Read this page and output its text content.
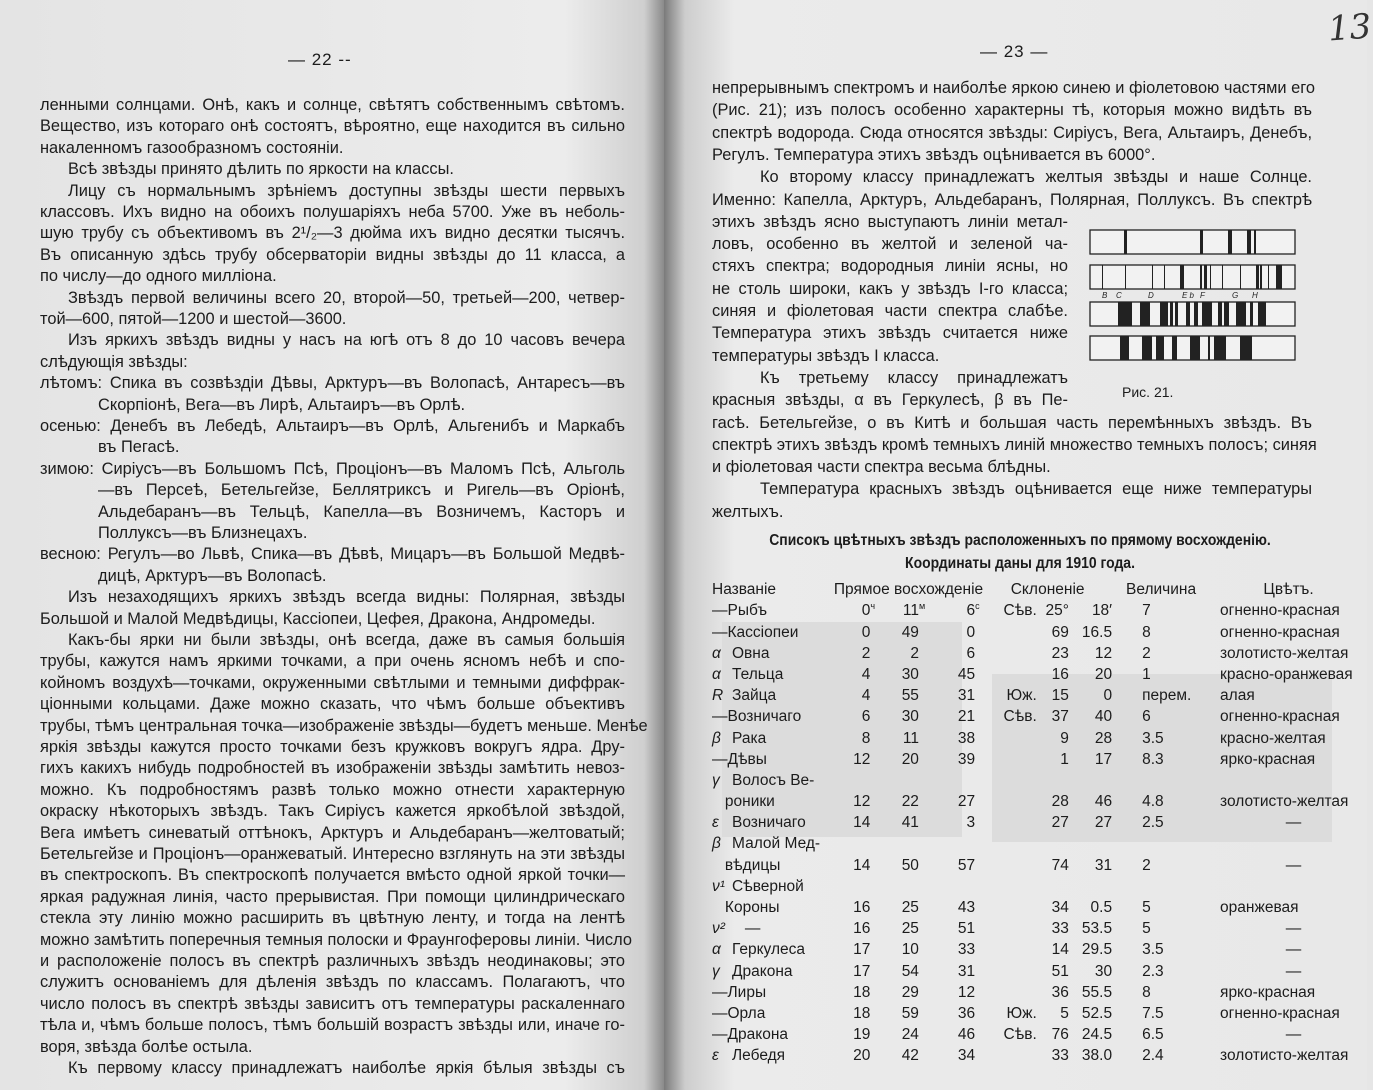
— 22 --
ленными солнцами. Онѣ, какъ и солнце, свѣтятъ собственнымъ свѣтомъ.
Вещество, изъ котораго онѣ состоятъ, вѣроятно, еще находится въ сильно
накаленномъ газообразномъ состоянiи.
Всѣ звѣзды принято дѣлить по яркости на классы.
Лицу съ нормальнымъ зрѣнiемъ доступны звѣзды шести первыхъ
классовъ. Ихъ видно на обоихъ полушарiяхъ неба 5700. Уже въ неболь-
шую трубу съ объективомъ въ 2¹/₂—3 дюйма ихъ видно десятки тысячъ.
Въ описанную здѣсь трубу обсерваторiи видны звѣзды до 11 класса, а
по числу—до одного миллiона.
Звѣздъ первой величины всего 20, второй—50, третьей—200, четвер-
той—600, пятой—1200 и шестой—3600.
Изъ яркихъ звѣздъ видны у насъ на югѣ отъ 8 до 10 часовъ вечера
слѣдующiя звѣзды:
лѣтомъ: Спика въ созвѣздiи Дѣвы, Арктуръ—въ Волопасѣ, Антаресъ—въ
Скорпiонѣ, Вега—въ Лирѣ, Альтаиръ—въ Орлѣ.
осенью: Денебъ въ Лебедѣ, Альтаиръ—въ Орлѣ, Альгенибъ и Маркабъ
въ Пегасѣ.
зимою: Сирiусъ—въ Большомъ Псѣ, Процiонъ—въ Маломъ Псѣ, Альголь
—въ Персеѣ, Бетельгейзе, Беллятриксъ и Ригель—въ Орiонѣ,
Альдебаранъ—въ Тельцѣ, Капелла—въ Возничемъ, Касторъ и
Поллуксъ—въ Близнецахъ.
весною: Регулъ—во Львѣ, Спика—въ Дѣвѣ, Мицаръ—въ Большой Медвѣ-
дицѣ, Арктуръ—въ Волопасѣ.
Изъ незаходящихъ яркихъ звѣздъ всегда видны: Полярная, звѣзды
Большой и Малой Медвѣдицы, Кассiопеи, Цефея, Дракона, Андромеды.
Какъ-бы ярки ни были звѣзды, онѣ всегда, даже въ самыя большiя
трубы, кажутся намъ яркими точками, а при очень ясномъ небѣ и спо-
койномъ воздухѣ—точками, окруженными свѣтлыми и темными диффрак-
цiонными кольцами. Даже можно сказать, что чѣмъ больше объективъ
трубы, тѣмъ центральная точка—изображенiе звѣзды—будетъ меньше. Менѣе
яркiя звѣзды кажутся просто точками безъ кружковъ вокругъ ядра. Дру-
гихъ какихъ нибудь подробностей въ изображенiи звѣзды замѣтить невоз-
можно. Къ подробностямъ развѣ только можно отнести характерную
окраску нѣкоторыхъ звѣздъ. Такъ Сирiусъ кажется яркобѣлой звѣздой,
Вега имѣетъ синеватый оттѣнокъ, Арктуръ и Альдебаранъ—желтоватый;
Бетельгейзе и Процiонъ—оранжеватый. Интересно взглянуть на эти звѣзды
въ спектроскопъ. Въ спектроскопѣ получается вмѣсто одной яркой точки—
яркая радужная линiя, часто прерывистая. При помощи цилиндрическаго
стекла эту линiю можно расширить въ цвѣтную ленту, и тогда на лентѣ
можно замѣтить поперечныя темныя полоски и Фраунгоферовы линiи. Число
и расположенiе полосъ въ спектрѣ различныхъ звѣздъ неодинаковы; это
служитъ основанiемъ для дѣленiя звѣздъ по классамъ. Полагаютъ, что
число полосъ въ спектрѣ звѣзды зависитъ отъ температуры раскаленнаго
тѣла и, чѣмъ больше полосъ, тѣмъ большiй возрастъ звѣзды или, иначе го-
воря, звѣзда болѣе остыла.
Къ первому классу принадлежатъ наиболѣе яркiя бѣлыя звѣзды съ
— 23 —
13
непрерывнымъ спектромъ и наиболѣе яркою синею и фiолетовою частями его
(Рис. 21); изъ полосъ особенно характерны тѣ, которыя можно видѣть въ
спектрѣ водорода. Сюда относятся звѣзды: Сирiусъ, Вега, Альтаиръ, Денебъ,
Регулъ. Температура этихъ звѣздъ оцѣнивается въ 6000°.
Ко второму классу принадлежатъ желтыя звѣзды и наше Солнце.
Именно: Капелла, Арктуръ, Альдебаранъ, Полярная, Поллуксъ. Въ спектрѣ
этихъ звѣздъ ясно выступаютъ линiи метал-
ловъ, особенно въ желтой и зеленой ча-
стяхъ спектра; водородныя линiи ясны, но
не столь широки, какъ у звѣздъ I-го класса;
синяя и фiолетовая части спектра слабѣе.
Температура этихъ звѣздъ считается ниже
температуры звѣздъ I класса.
Къ третьему классу принадлежатъ
красныя звѣзды, α въ Геркулесѣ, β въ Пе-
гасѣ. Бетельгейзе, о въ Китѣ и большая часть перемѣнныхъ звѣздъ. Въ
спектрѣ этихъ звѣздъ кромѣ темныхъ линiй множество темныхъ полосъ; синяя
и фiолетовая части спектра весьма блѣдны.
Температура красныхъ звѣздъ оцѣнивается еще ниже температуры
желтыхъ.
B C	D	E b F	G H
Рис. 21.
Списокъ цвѣтныхъ звѣздъ расположенныхъ по прямому восхожденiю.
Координаты даны для 1910 года.
Названiе	Прямое восхожденiе			Склоненiе			Величина	Цвѣтъ.
—Рыбъ	$0^ч$	$11^м$	$6^с$	Сѣв.	25°	18′	7	огненно-красная
—Кассiопеи	0	49	0		69	16.5	8	огненно-красная
α Овна	2	2	6		23	12	2	золотисто-желтая
α Тельца	4	30	45		16	20	1	красно-оранжевая
R Зайца	4	55	31	Юж.	15	0	перем.	алая
—Возничаго	6	30	21	Сѣв.	37	40	6	огненно-красная
β Рака	8	11	38		9	28	3.5	красно-желтая
—Дѣвы	12	20	39		1	17	8.3	ярко-красная
γ Волосъ Ве-								
роники	12	22	27		28	46	4.8	золотисто-желтая
ε Возничаго	14	41	3		27	27	2.5	—
β Малой Мед-								
вѣдицы	14	50	57		74	31	2	—
ν¹ Сѣверной								
Короны	16	25	43		34	0.5	5	оранжевая
ν²   —	16	25	51		33	53.5	5	—
α Геркулеса	17	10	33		14	29.5	3.5	—
γ Дракона	17	54	31		51	30	2.3	—
—Лиры	18	29	12		36	55.5	8	ярко-красная
—Орла	18	59	36	Юж.	5	52.5	7.5	огненно-красная
—Дракона	19	24	46	Сѣв.	76	24.5	6.5	—
ε Лебедя	20	42	34		33	38.0	2.4	золотисто-желтая
